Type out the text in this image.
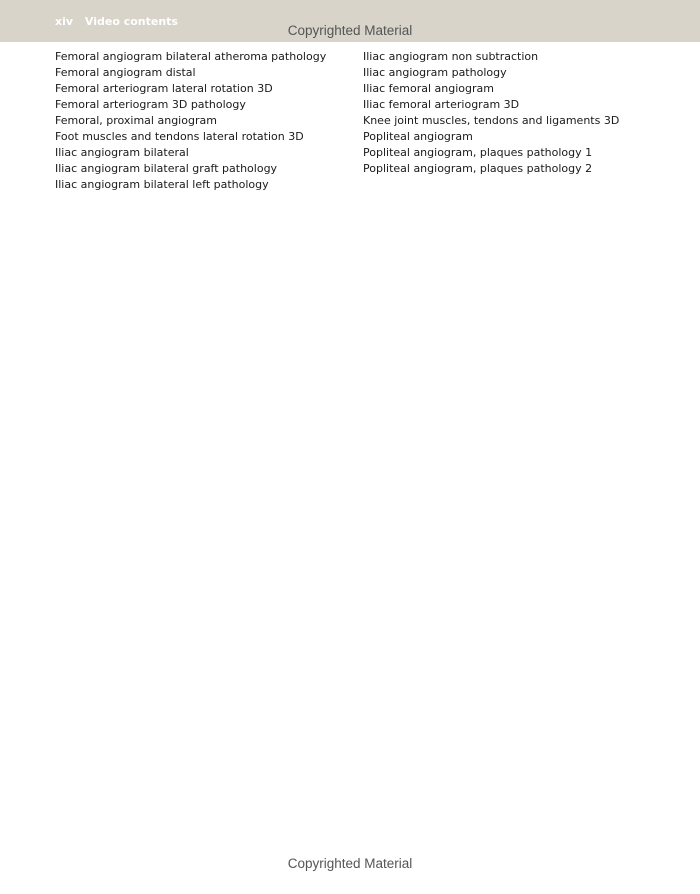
xiv Video contents
Copyrighted Material
Femoral angiogram bilateral atheroma pathology
Femoral angiogram distal
Femoral arteriogram lateral rotation 3D
Femoral arteriogram 3D pathology
Femoral, proximal angiogram
Foot muscles and tendons lateral rotation 3D
Iliac angiogram bilateral
Iliac angiogram bilateral graft pathology
Iliac angiogram bilateral left pathology
Iliac angiogram non subtraction
Iliac angiogram pathology
Iliac femoral angiogram
Iliac femoral arteriogram 3D
Knee joint muscles, tendons and ligaments 3D
Popliteal angiogram
Popliteal angiogram, plaques pathology 1
Popliteal angiogram, plaques pathology 2
Copyrighted Material
